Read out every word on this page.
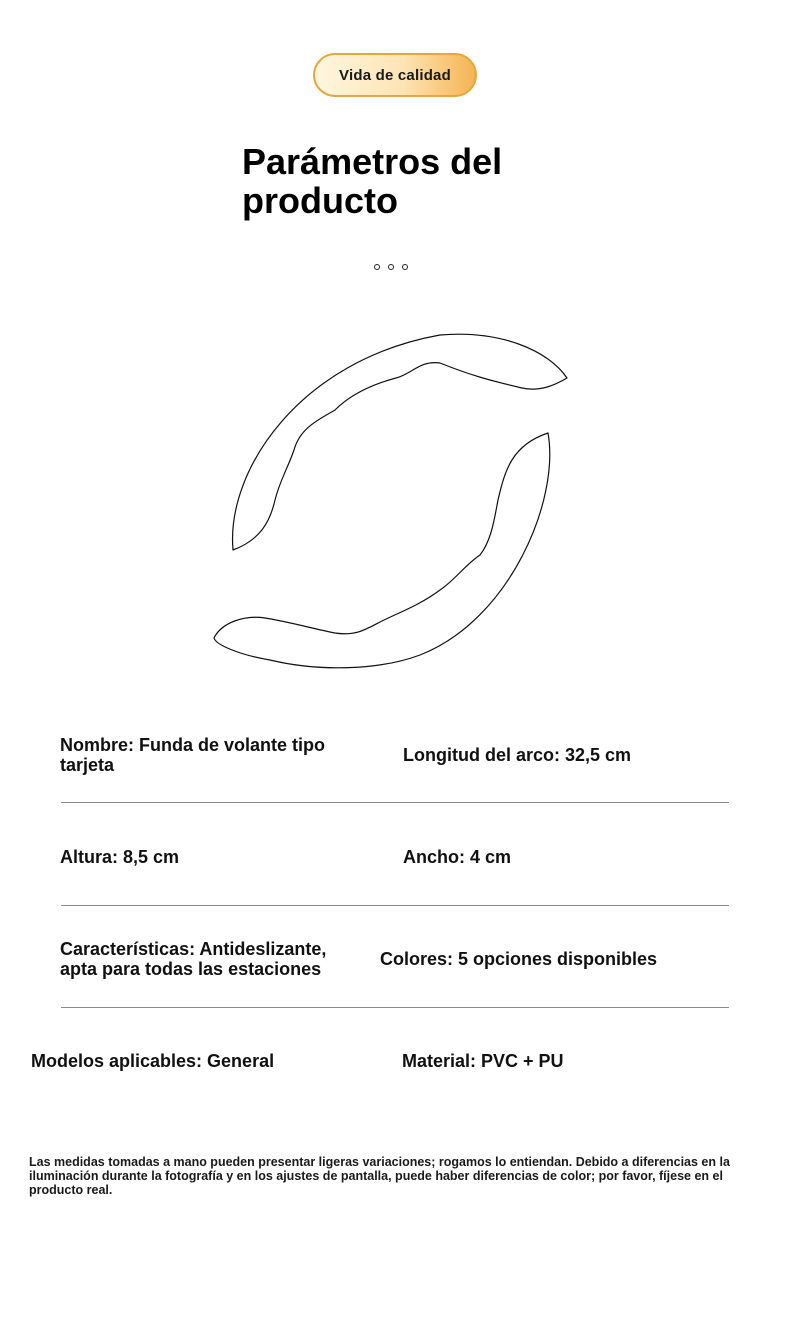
Vida de calidad
Parámetros del producto
Nombre: Funda de volante tipo tarjeta	Longitud del arco: 32,5 cm
Altura: 8,5 cm	Ancho: 4 cm
Características: Antideslizante, apta para todas las estaciones	Colores: 5 opciones disponibles
Modelos aplicables: General	Material: PVC + PU

Las medidas tomadas a mano pueden presentar ligeras variaciones; rogamos lo entiendan. Debido a diferencias en la iluminación durante la fotografía y en los ajustes de pantalla, puede haber diferencias de color; por favor, fíjese en el producto real.
